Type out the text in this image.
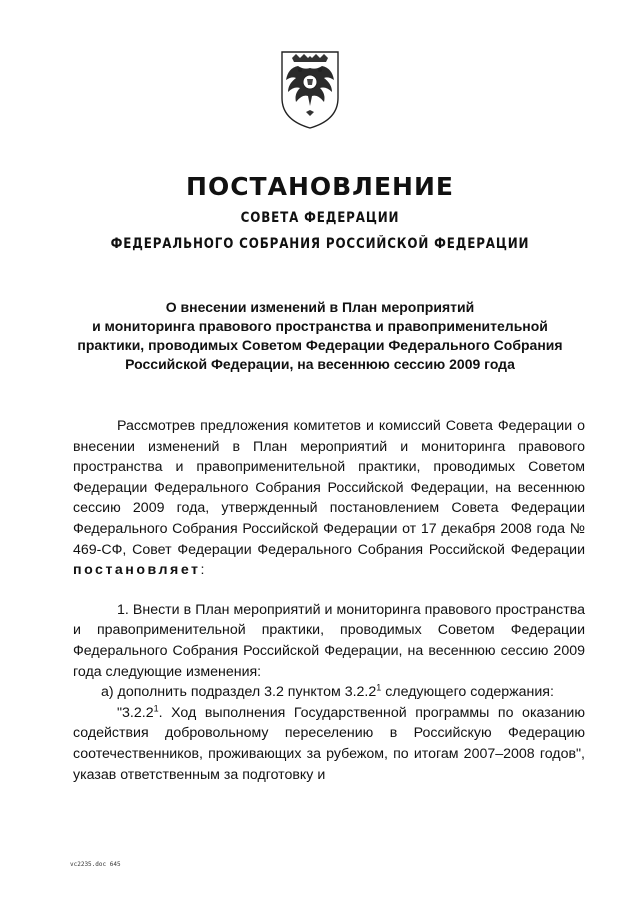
ПОСТАНОВЛЕНИЕ
СОВЕТА ФЕДЕРАЦИИ
ФЕДЕРАЛЬНОГО СОБРАНИЯ РОССИЙСКОЙ ФЕДЕРАЦИИ
О внесении изменений в План мероприятий
и мониторинга правового пространства и правоприменительной
практики, проводимых Советом Федерации Федерального Собрания
Российской Федерации, на весеннюю сессию 2009 года

Рассмотрев предложения комитетов и комиссий Совета Федерации о внесении изменений в План мероприятий и мониторинга правового пространства и правоприменительной практики, проводимых Советом Федерации Федерального Собрания Российской Федерации, на весеннюю сессию 2009 года, утвержденный постановлением Совета Федерации Федерального Собрания Российской Федерации от 17 декабря 2008 года № 469-СФ, Совет Федерации Федерального Собрания Российской Федерации постановляет:

1. Внести в План мероприятий и мониторинга правового пространства и правоприменительной практики, проводимых Советом Федерации Федерального Собрания Российской Федерации, на весеннюю сессию 2009 года следующие изменения:

а) дополнить подраздел 3.2 пунктом 3.2.2$^1$ следующего содержания:

"3.2.2$^1$. Ход выполнения Государственной программы по оказанию содействия добровольному переселению в Российскую Федерацию соотечественников, проживающих за рубежом, по итогам 2007–2008 годов", указав ответственным за подготовку и

vc2235.doc 645
